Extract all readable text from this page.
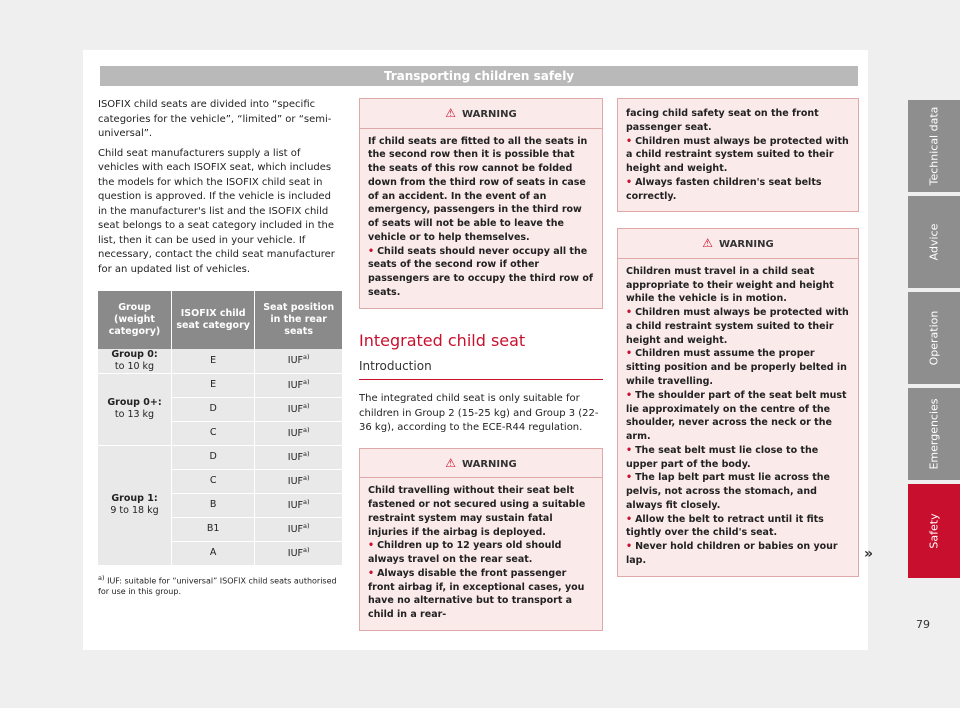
Transporting children safely

ISOFIX child seats are divided into “specific categories for the vehicle”, “limited” or “semi-universal”.

Child seat manufacturers supply a list of vehicles with each ISOFIX seat, which includes the models for which the ISOFIX child seat in question is approved. If the vehicle is included in the manufacturer's list and the ISOFIX child seat belongs to a seat category included in the list, then it can be used in your vehicle. If necessary, contact the child seat manufacturer for an updated list of vehicles.

Group (weight category)	ISOFIX child seat category	Seat position in the rear seats
Group 0:
to 10 kg	E	IUF$^{a)}$
Group 0+:
to 13 kg	E	IUF$^{a)}$
	D	IUF$^{a)}$
	C	IUF$^{a)}$
Group 1:
9 to 18 kg	D	IUF$^{a)}$
	C	IUF$^{a)}$
	B	IUF$^{a)}$
	B1	IUF$^{a)}$
	A	IUF$^{a)}$
$^{a)}$ IUF: suitable for “universal” ISOFIX child seats authorised for use in this group.
⚠ WARNING
If child seats are fitted to all the seats in the second row then it is possible that the seats of this row cannot be folded down from the third row of seats in case of an accident. In the event of an emergency, passengers in the third row of seats will not be able to leave the vehicle or to help themselves.
• Child seats should never occupy all the seats of the second row if other passengers are to occupy the third row of seats.
Integrated child seat
Introduction

The integrated child seat is only suitable for children in Group 2 (15-25 kg) and Group 3 (22-36 kg), according to the ECE-R44 regulation.

⚠ WARNING
Child travelling without their seat belt fastened or not secured using a suitable restraint system may sustain fatal injuries if the airbag is deployed.
• Children up to 12 years old should always travel on the rear seat.
• Always disable the front passenger front airbag if, in exceptional cases, you have no alternative but to transport a child in a rear-
facing child safety seat on the front passenger seat.
• Children must always be protected with a child restraint system suited to their height and weight.
• Always fasten children's seat belts correctly.
⚠ WARNING
Children must travel in a child seat appropriate to their weight and height while the vehicle is in motion.
• Children must always be protected with a child restraint system suited to their height and weight.
• Children must assume the proper sitting position and be properly belted in while travelling.
• The shoulder part of the seat belt must lie approximately on the centre of the shoulder, never across the neck or the arm.
• The seat belt must lie close to the upper part of the body.
• The lap belt part must lie across the pelvis, not across the stomach, and always fit closely.
• Allow the belt to retract until it fits tightly over the child's seat.
• Never hold children or babies on your lap.	»
Technical data
Advice
Operation
Emergencies
Safety
79
